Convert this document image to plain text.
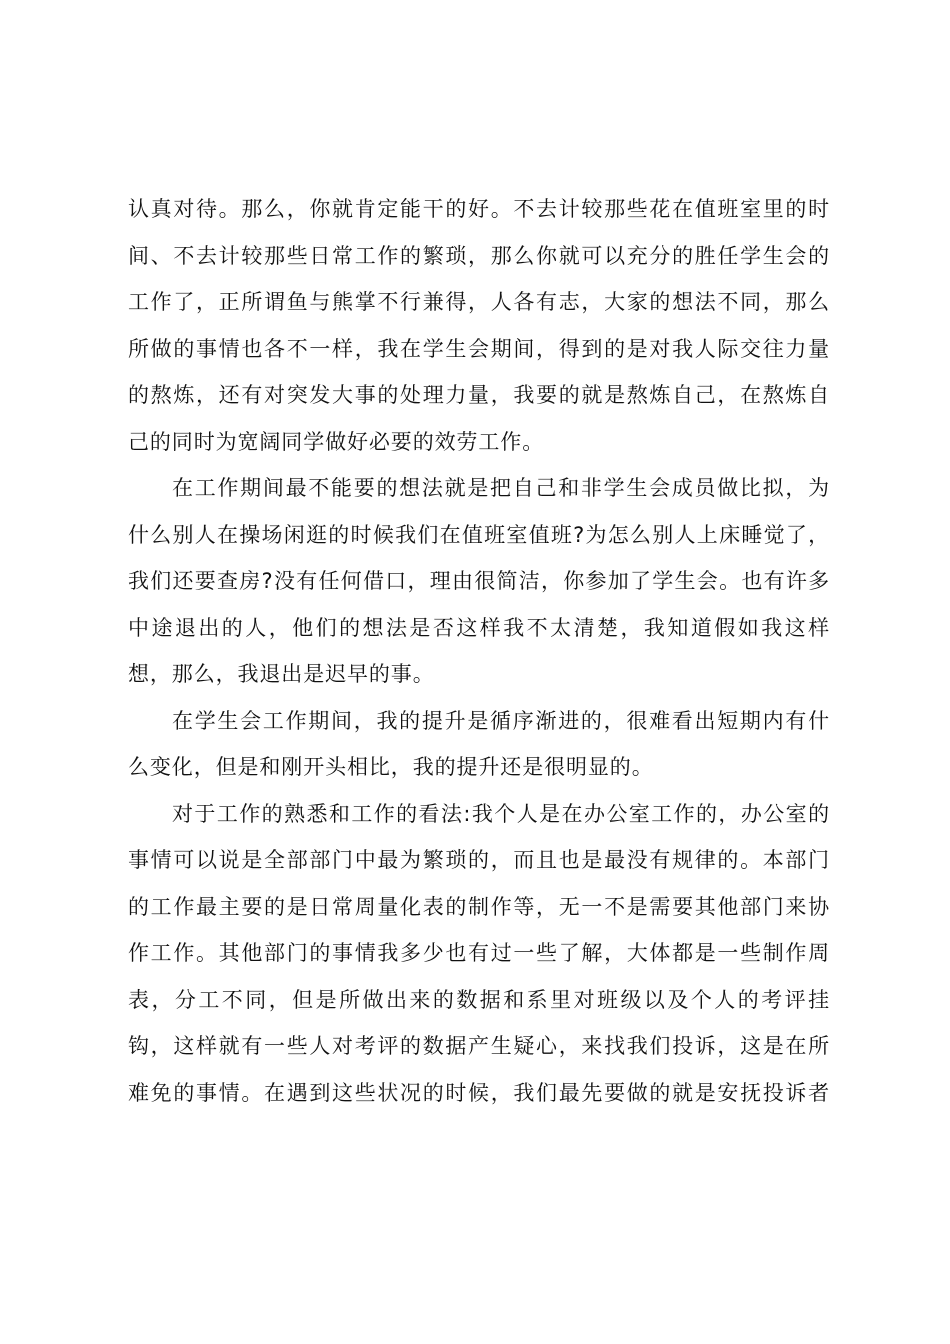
认真对待。那么，你就肯定能干的好。不去计较那些花在值班室里的时
间、不去计较那些日常工作的繁琐，那么你就可以充分的胜任学生会的
工作了，正所谓鱼与熊掌不行兼得，人各有志，大家的想法不同，那么
所做的事情也各不一样，我在学生会期间，得到的是对我人际交往力量
的熬炼，还有对突发大事的处理力量，我要的就是熬炼自己，在熬炼自
己的同时为宽阔同学做好必要的效劳工作。
在工作期间最不能要的想法就是把自己和非学生会成员做比拟，为
什么别人在操场闲逛的时候我们在值班室值班?为怎么别人上床睡觉了，
我们还要查房?没有任何借口，理由很简洁，你参加了学生会。也有许多
中途退出的人，他们的想法是否这样我不太清楚，我知道假如我这样
想，那么，我退出是迟早的事。
在学生会工作期间，我的提升是循序渐进的，很难看出短期内有什
么变化，但是和刚开头相比，我的提升还是很明显的。
对于工作的熟悉和工作的看法:我个人是在办公室工作的，办公室的
事情可以说是全部部门中最为繁琐的，而且也是最没有规律的。本部门
的工作最主要的是日常周量化表的制作等，无一不是需要其他部门来协
作工作。其他部门的事情我多少也有过一些了解，大体都是一些制作周
表，分工不同，但是所做出来的数据和系里对班级以及个人的考评挂
钩，这样就有一些人对考评的数据产生疑心，来找我们投诉，这是在所
难免的事情。在遇到这些状况的时候，我们最先要做的就是安抚投诉者
